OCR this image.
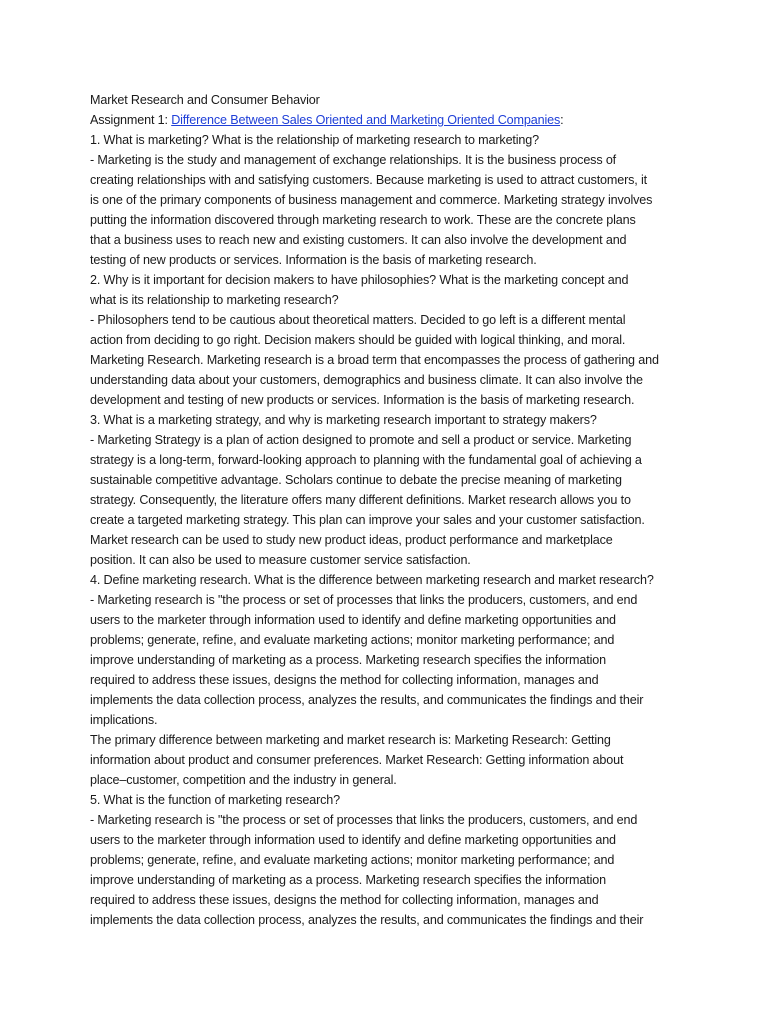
Market Research and Consumer Behavior
Assignment 1: Difference Between Sales Oriented and Marketing Oriented Companies:
1. What is marketing? What is the relationship of marketing research to marketing?
- Marketing is the study and management of exchange relationships. It is the business process of
creating relationships with and satisfying customers. Because marketing is used to attract customers, it
is one of the primary components of business management and commerce. Marketing strategy involves
putting the information discovered through marketing research to work. These are the concrete plans
that a business uses to reach new and existing customers. It can also involve the development and
testing of new products or services. Information is the basis of marketing research.
2. Why is it important for decision makers to have philosophies? What is the marketing concept and
what is its relationship to marketing research?
- Philosophers tend to be cautious about theoretical matters. Decided to go left is a different mental
action from deciding to go right. Decision makers should be guided with logical thinking, and moral.
Marketing Research. Marketing research is a broad term that encompasses the process of gathering and
understanding data about your customers, demographics and business climate. It can also involve the
development and testing of new products or services. Information is the basis of marketing research.
3. What is a marketing strategy, and why is marketing research important to strategy makers?
- Marketing Strategy is a plan of action designed to promote and sell a product or service. Marketing
strategy is a long-term, forward-looking approach to planning with the fundamental goal of achieving a
sustainable competitive advantage. Scholars continue to debate the precise meaning of marketing
strategy. Consequently, the literature offers many different definitions. Market research allows you to
create a targeted marketing strategy. This plan can improve your sales and your customer satisfaction.
Market research can be used to study new product ideas, product performance and marketplace
position. It can also be used to measure customer service satisfaction.
4. Define marketing research. What is the difference between marketing research and market research?
- Marketing research is "the process or set of processes that links the producers, customers, and end
users to the marketer through information used to identify and define marketing opportunities and
problems; generate, refine, and evaluate marketing actions; monitor marketing performance; and
improve understanding of marketing as a process. Marketing research specifies the information
required to address these issues, designs the method for collecting information, manages and
implements the data collection process, analyzes the results, and communicates the findings and their
implications.
The primary difference between marketing and market research is: Marketing Research: Getting
information about product and consumer preferences. Market Research: Getting information about
place–customer, competition and the industry in general.
5. What is the function of marketing research?
- Marketing research is "the process or set of processes that links the producers, customers, and end
users to the marketer through information used to identify and define marketing opportunities and
problems; generate, refine, and evaluate marketing actions; monitor marketing performance; and
improve understanding of marketing as a process. Marketing research specifies the information
required to address these issues, designs the method for collecting information, manages and
implements the data collection process, analyzes the results, and communicates the findings and their
